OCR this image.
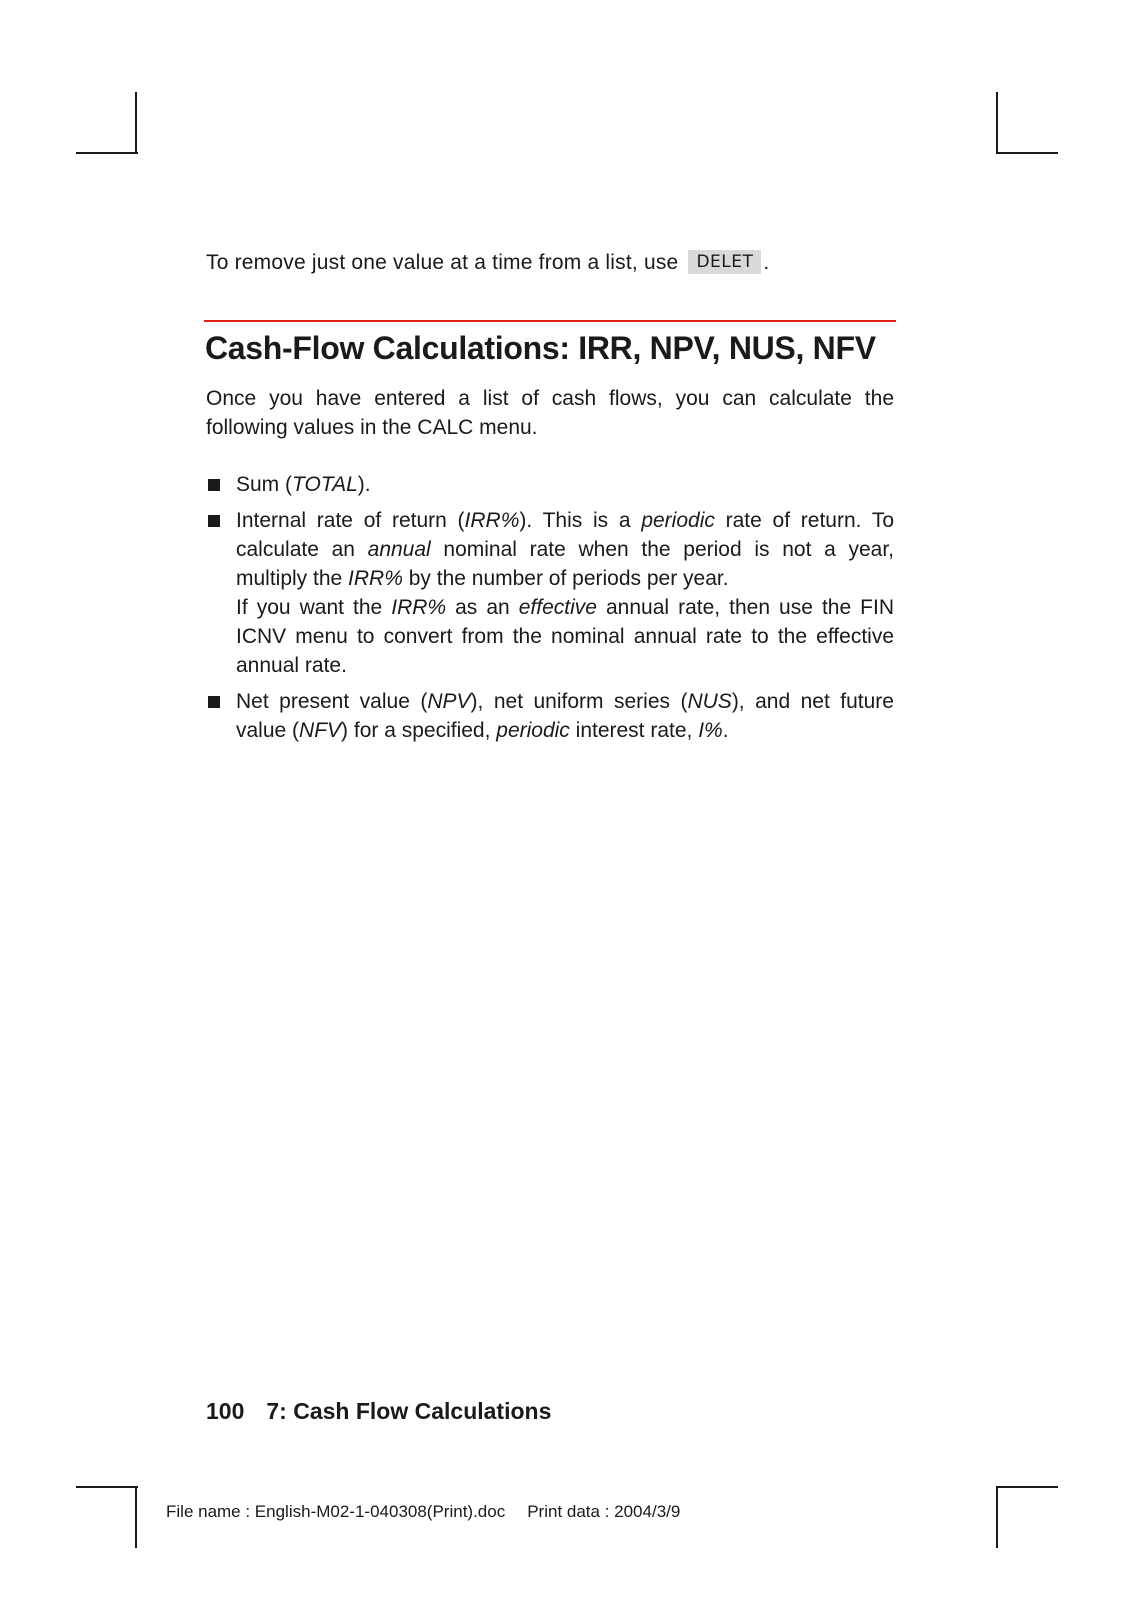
To remove just one value at a time from a list, use DELET .
Cash-Flow Calculations: IRR, NPV, NUS, NFV

Once you have entered a list of cash flows, you can calculate the following values in the CALC menu.

Sum (TOTAL).

Internal rate of return (IRR%). This is a periodic rate of return. To calculate an annual nominal rate when the period is not a year, multiply the IRR% by the number of periods per year.

If you want the IRR% as an effective annual rate, then use the FIN ICNV menu to convert from the nominal annual rate to the effective annual rate.

Net present value (NPV), net uniform series (NUS), and net future value (NFV) for a specified, periodic interest rate, I%.
100 7: Cash Flow Calculations
File name : English-M02-1-040308(Print).doc Print data : 2004/3/9
